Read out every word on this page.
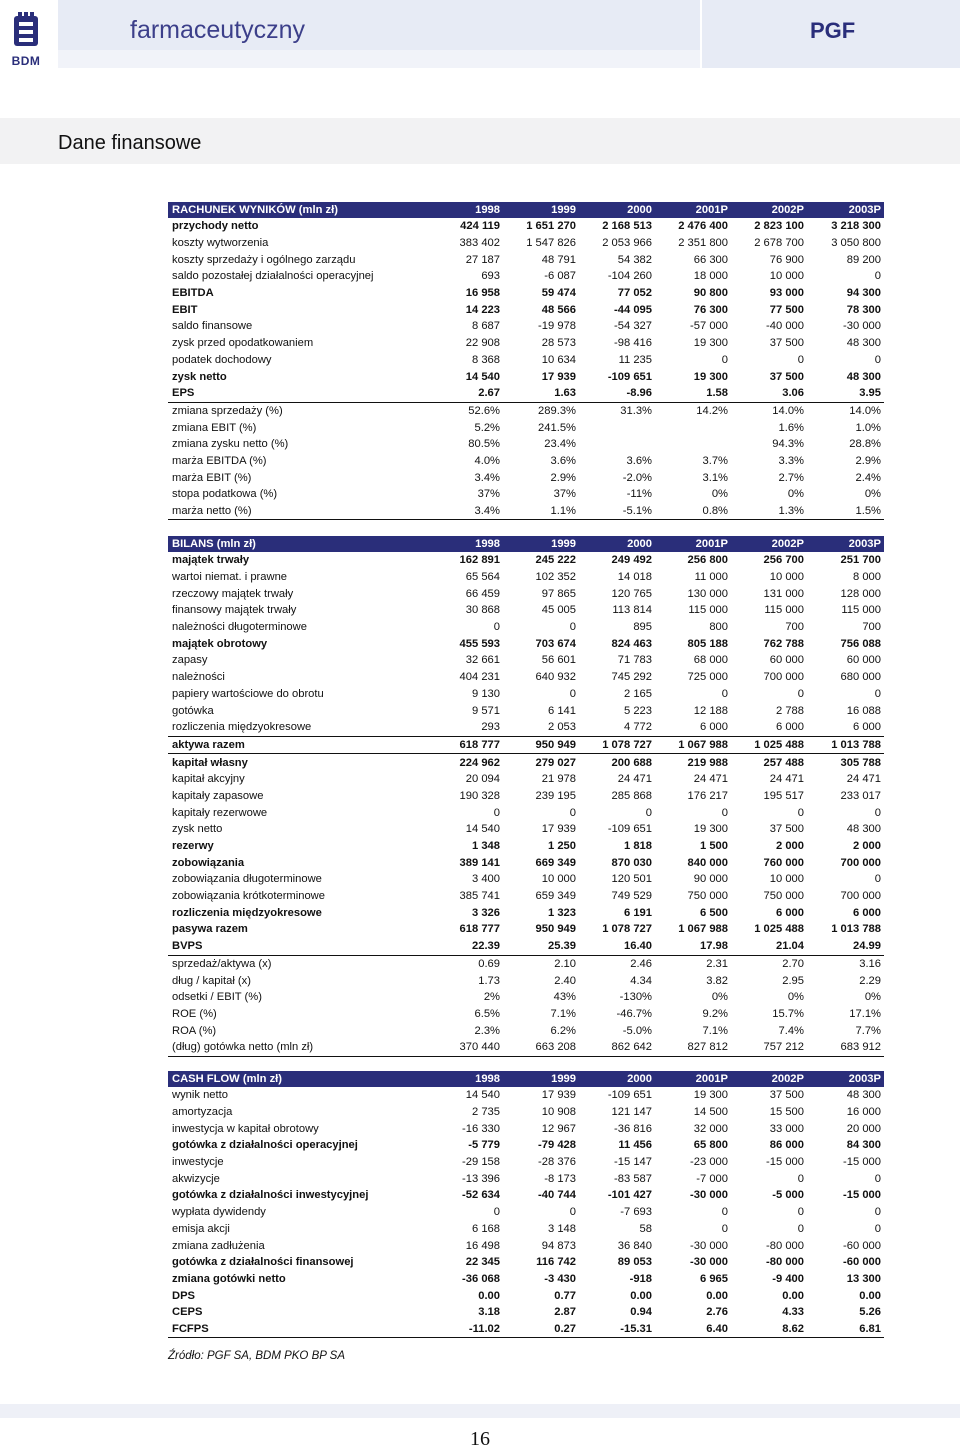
BDM
farmaceutyczny	PGF
Dane finansowe
RACHUNEK WYNIKÓW (mln zł)	1998	1999	2000	2001P	2002P	2003P
przychody netto	424 119	1 651 270	2 168 513	2 476 400	2 823 100	3 218 300
koszty wytworzenia	383 402	1 547 826	2 053 966	2 351 800	2 678 700	3 050 800
koszty sprzedaży i ogólnego zarządu	27 187	48 791	54 382	66 300	76 900	89 200
saldo pozostałej działalności operacyjnej	693	-6 087	-104 260	18 000	10 000	0
EBITDA	16 958	59 474	77 052	90 800	93 000	94 300
EBIT	14 223	48 566	-44 095	76 300	77 500	78 300
saldo finansowe	8 687	-19 978	-54 327	-57 000	-40 000	-30 000
zysk przed opodatkowaniem	22 908	28 573	-98 416	19 300	37 500	48 300
podatek dochodowy	8 368	10 634	11 235	0	0	0
zysk netto	14 540	17 939	-109 651	19 300	37 500	48 300
EPS	2.67	1.63	-8.96	1.58	3.06	3.95
zmiana sprzedaży (%)	52.6%	289.3%	31.3%	14.2%	14.0%	14.0%
zmiana EBIT (%)	5.2%	241.5%			1.6%	1.0%
zmiana zysku netto (%)	80.5%	23.4%			94.3%	28.8%
marża EBITDA (%)	4.0%	3.6%	3.6%	3.7%	3.3%	2.9%
marża EBIT (%)	3.4%	2.9%	-2.0%	3.1%	2.7%	2.4%
stopa podatkowa (%)	37%	37%	-11%	0%	0%	0%
marża netto (%)	3.4%	1.1%	-5.1%	0.8%	1.3%	1.5%
BILANS (mln zł)	1998	1999	2000	2001P	2002P	2003P
majątek trwały	162 891	245 222	249 492	256 800	256 700	251 700
wartoi niemat. i prawne	65 564	102 352	14 018	11 000	10 000	8 000
rzeczowy majątek trwały	66 459	97 865	120 765	130 000	131 000	128 000
finansowy majątek trwały	30 868	45 005	113 814	115 000	115 000	115 000
należności długoterminowe	0	0	895	800	700	700
majątek obrotowy	455 593	703 674	824 463	805 188	762 788	756 088
zapasy	32 661	56 601	71 783	68 000	60 000	60 000
należności	404 231	640 932	745 292	725 000	700 000	680 000
papiery wartościowe do obrotu	9 130	0	2 165	0	0	0
gotówka	9 571	6 141	5 223	12 188	2 788	16 088
rozliczenia międzyokresowe	293	2 053	4 772	6 000	6 000	6 000
aktywa razem	618 777	950 949	1 078 727	1 067 988	1 025 488	1 013 788
kapitał własny	224 962	279 027	200 688	219 988	257 488	305 788
kapitał akcyjny	20 094	21 978	24 471	24 471	24 471	24 471
kapitały zapasowe	190 328	239 195	285 868	176 217	195 517	233 017
kapitały rezerwowe	0	0	0	0	0	0
zysk netto	14 540	17 939	-109 651	19 300	37 500	48 300
rezerwy	1 348	1 250	1 818	1 500	2 000	2 000
zobowiązania	389 141	669 349	870 030	840 000	760 000	700 000
zobowiązania długoterminowe	3 400	10 000	120 501	90 000	10 000	0
zobowiązania krótkoterminowe	385 741	659 349	749 529	750 000	750 000	700 000
rozliczenia międzyokresowe	3 326	1 323	6 191	6 500	6 000	6 000
pasywa razem	618 777	950 949	1 078 727	1 067 988	1 025 488	1 013 788
BVPS	22.39	25.39	16.40	17.98	21.04	24.99
sprzedaż/aktywa (x)	0.69	2.10	2.46	2.31	2.70	3.16
dług / kapitał (x)	1.73	2.40	4.34	3.82	2.95	2.29
odsetki / EBIT (%)	2%	43%	-130%	0%	0%	0%
ROE (%)	6.5%	7.1%	-46.7%	9.2%	15.7%	17.1%
ROA (%)	2.3%	6.2%	-5.0%	7.1%	7.4%	7.7%
(dług) gotówka netto (mln zł)	370 440	663 208	862 642	827 812	757 212	683 912
CASH FLOW (mln zł)	1998	1999	2000	2001P	2002P	2003P
wynik netto	14 540	17 939	-109 651	19 300	37 500	48 300
amortyzacja	2 735	10 908	121 147	14 500	15 500	16 000
inwestycja w kapitał obrotowy	-16 330	12 967	-36 816	32 000	33 000	20 000
gotówka z działalności operacyjnej	-5 779	-79 428	11 456	65 800	86 000	84 300
inwestycje	-29 158	-28 376	-15 147	-23 000	-15 000	-15 000
akwizycje	-13 396	-8 173	-83 587	-7 000	0	0
gotówka z działalności inwestycyjnej	-52 634	-40 744	-101 427	-30 000	-5 000	-15 000
wypłata dywidendy	0	0	-7 693	0	0	0
emisja akcji	6 168	3 148	58	0	0	0
zmiana zadłużenia	16 498	94 873	36 840	-30 000	-80 000	-60 000
gotówka z działalności finansowej	22 345	116 742	89 053	-30 000	-80 000	-60 000
zmiana gotówki netto	-36 068	-3 430	-918	6 965	-9 400	13 300
DPS	0.00	0.77	0.00	0.00	0.00	0.00
CEPS	3.18	2.87	0.94	2.76	4.33	5.26
FCFPS	-11.02	0.27	-15.31	6.40	8.62	6.81
Źródło: PGF SA, BDM PKO BP SA
16
